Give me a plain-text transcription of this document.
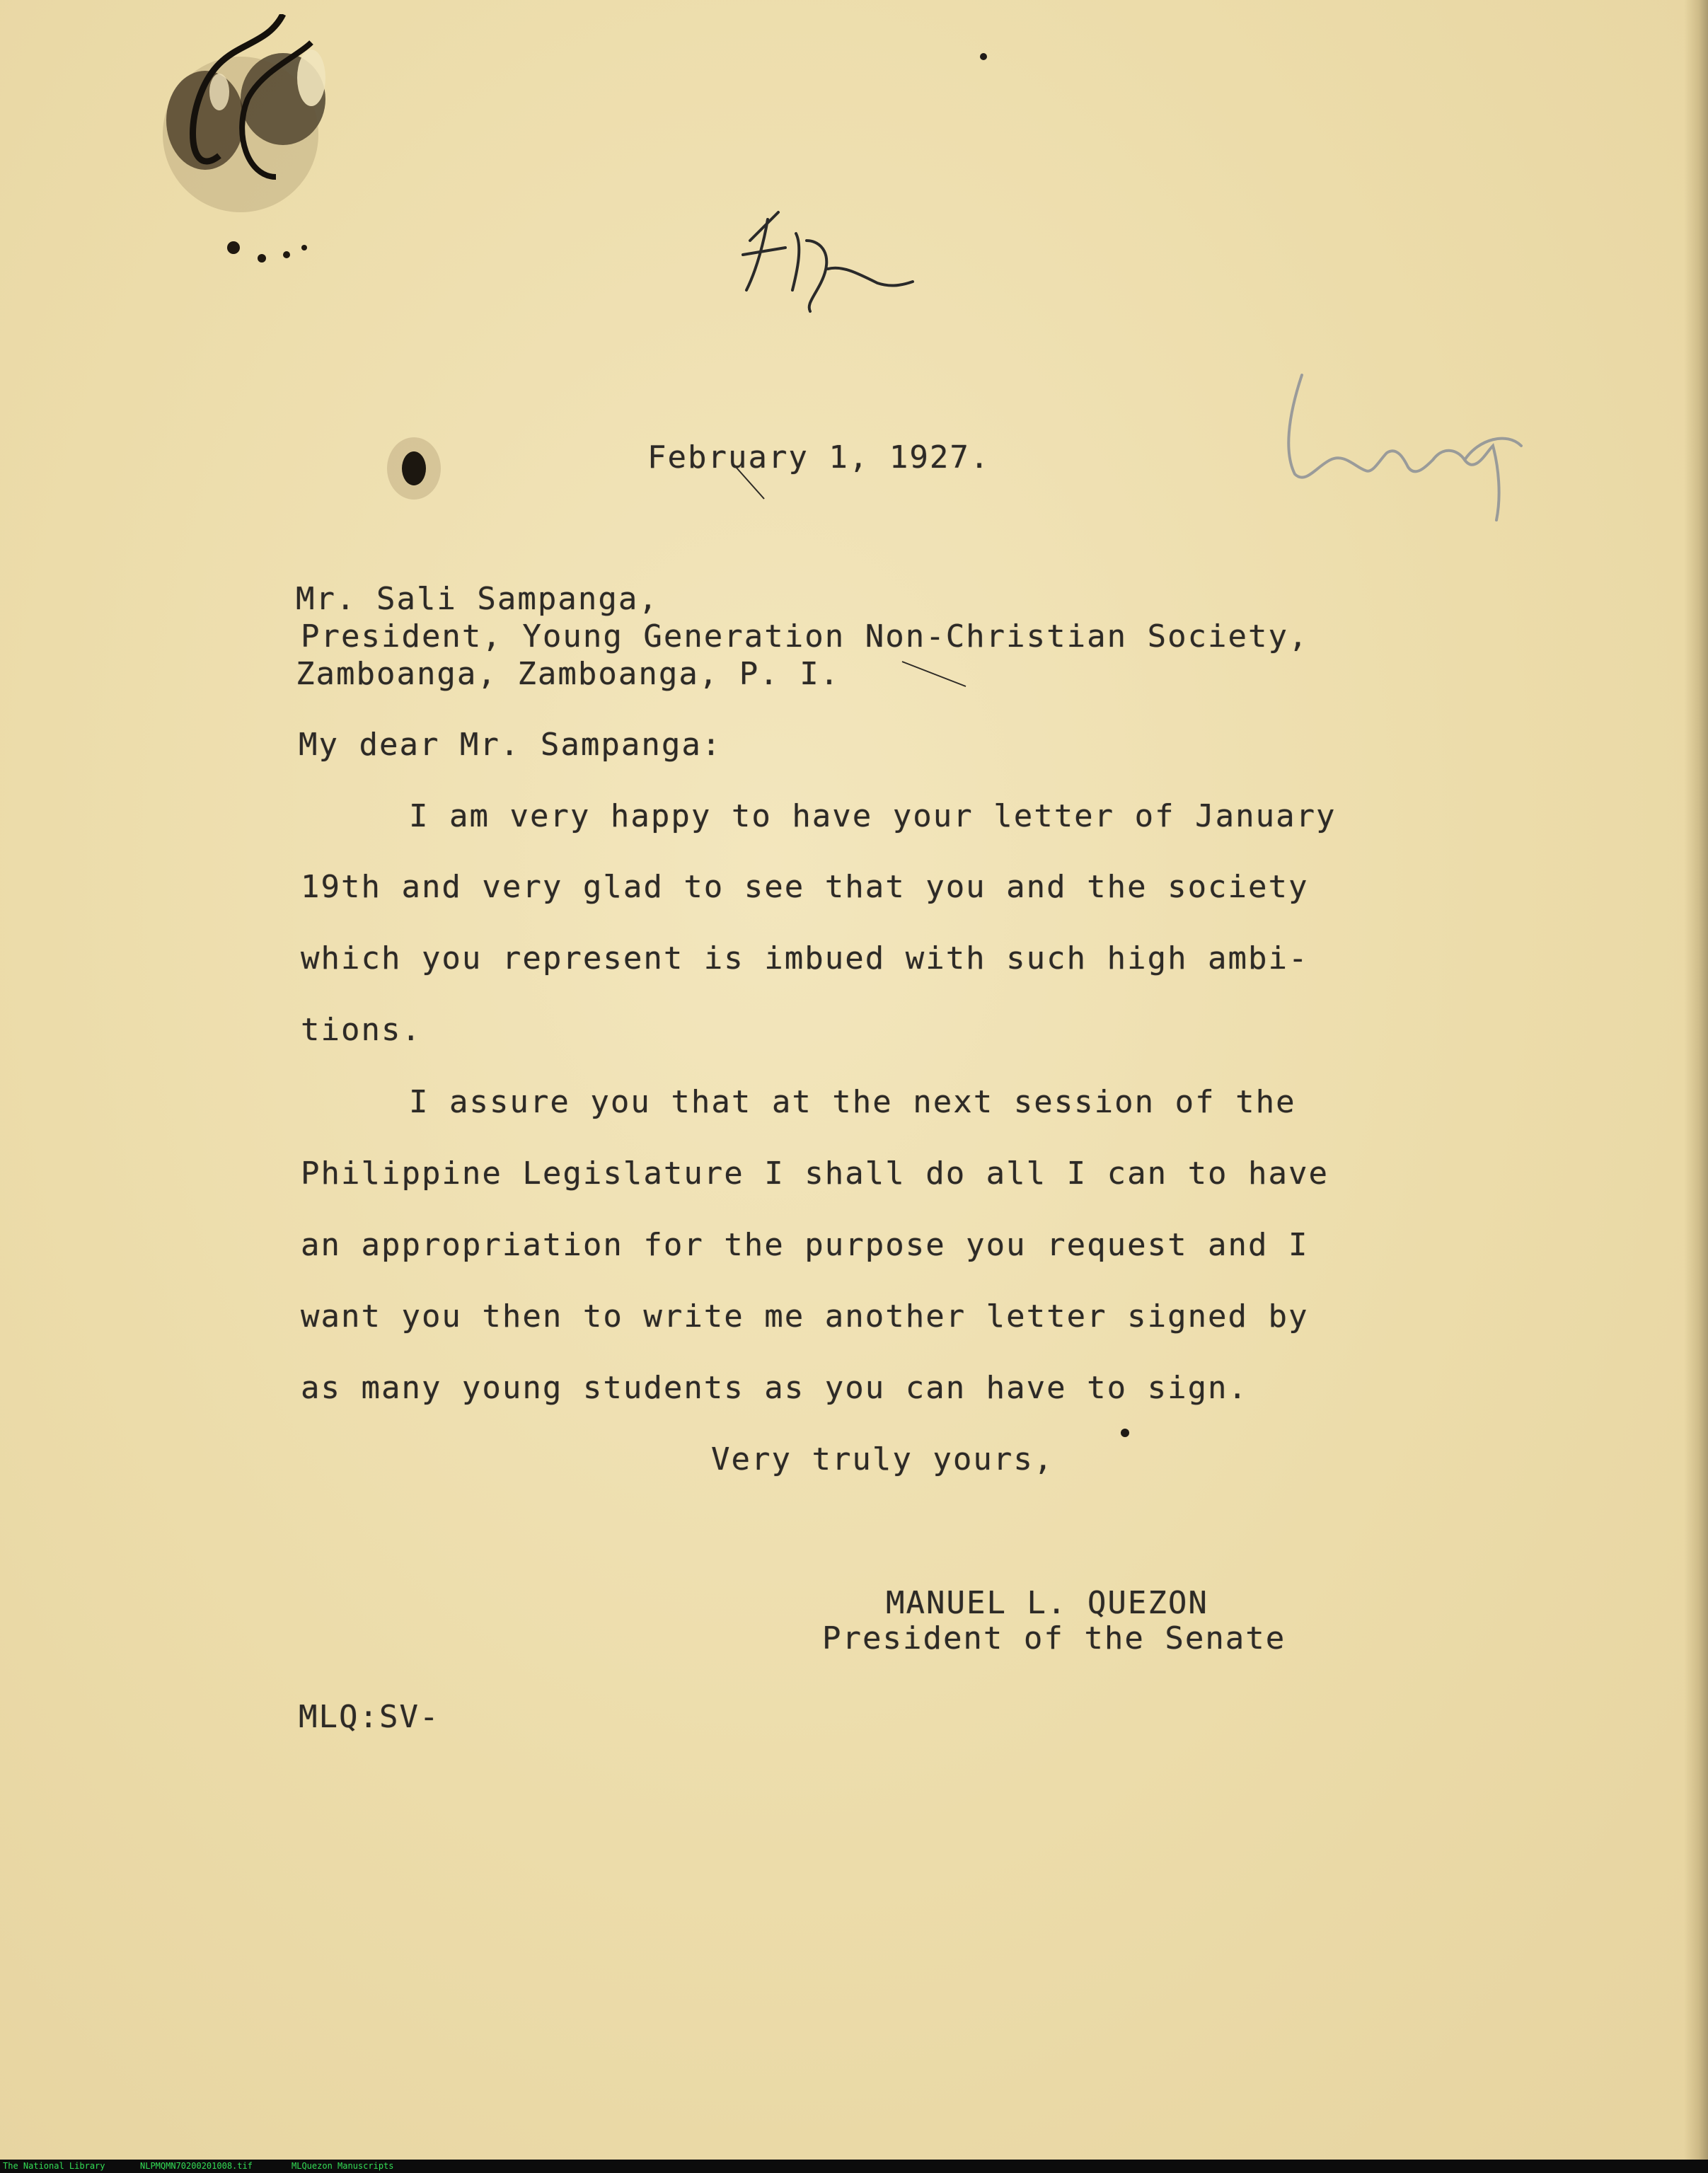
February 1, 1927.
Mr. Sali Sampanga,
President, Young Generation Non-Christian Society,
Zamboanga, Zamboanga, P. I.
My dear Mr. Sampanga:
I am very happy to have your letter of January
19th and very glad to see that you and the society
which you represent is imbued with such high ambi-
tions.
I assure you that at the next session of the
Philippine Legislature I shall do all I can to have
an appropriation for the purpose you request and I
want you then to write me another letter signed by
as many young students as you can have to sign.
Very truly yours,
MANUEL L. QUEZON
President of the Senate
MLQ:SV-
The National Library	NLPMQMN70200201008.tif	MLQuezon Manuscripts
